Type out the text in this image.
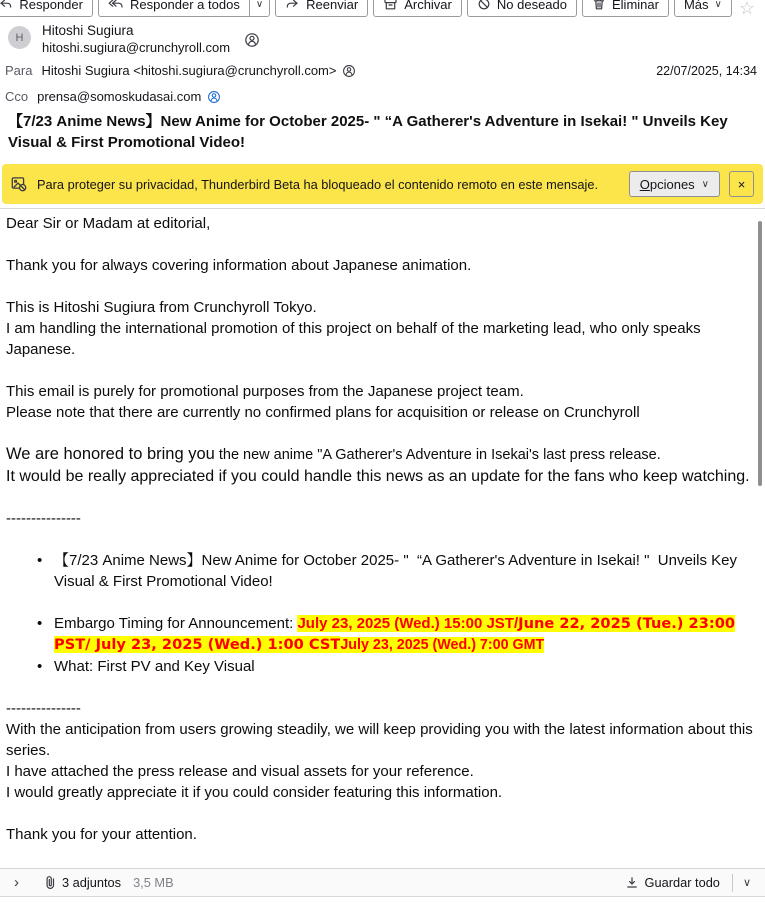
Responder	Responder a todos ∨	Reenviar	Archivar	No deseado	Eliminar Más ∨ ☆
H	Hitoshi Sugiura
hitoshi.sugiura@crunchyroll.com
Para Hitoshi Sugiura <hitoshi.sugiura@crunchyroll.com>	22/07/2025, 14:34
Cco prensa@somoskudasai.com
【7/23 Anime News】New Anime for October 2025- " “A Gatherer's Adventure in Isekai! " Unveils Key Visual & First Promotional Video!
Para proteger su privacidad, Thunderbird Beta ha bloqueado el contenido remoto en este mensaje.	Opciones ∨ ×
Dear Sir or Madam at editorial,
Thank you for always covering information about Japanese animation.
This is Hitoshi Sugiura from Crunchyroll Tokyo.
I am handling the international promotion of this project on behalf of the marketing lead, who only speaks Japanese.
This email is purely for promotional purposes from the Japanese project team.
Please note that there are currently no confirmed plans for acquisition or release on Crunchyroll
We are honored to bring you the new anime "A Gatherer's Adventure in Isekai's last press release.
It would be really appreciated if you could handle this news as an update for the fans who keep watching.
---------------
• 【7/23 Anime News】New Anime for October 2025- "  “A Gatherer's Adventure in Isekai! "  Unveils Key Visual & First Promotional Video!
• Embargo Timing for Announcement: July 23, 2025 (Wed.) 15:00 JST/June 22, 2025 (Tue.) 23:00 PST/ July 23, 2025 (Wed.) 1:00 CSTJuly 23, 2025 (Wed.) 7:00 GMT
• What: First PV and Key Visual
---------------
With the anticipation from users growing steadily, we will keep providing you with the latest information about this series.
I have attached the press release and visual assets for your reference.
I would greatly appreciate it if you could consider featuring this information.
Thank you for your attention.
›	3 adjuntos 3,5 MB	Guardar todo	∨
